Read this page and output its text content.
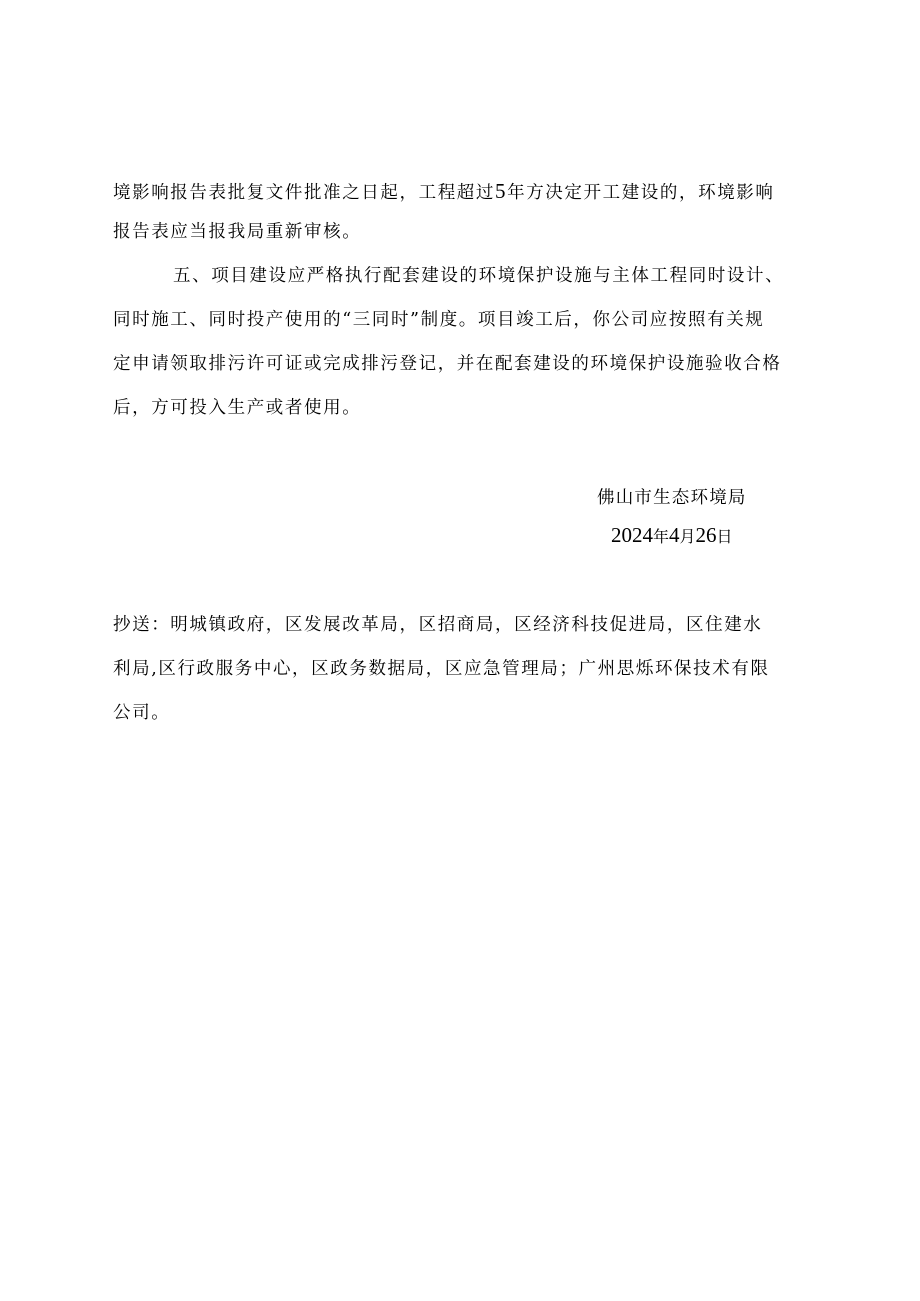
境影响报告表批复文件批准之日起，工程超过5年方决定开工建设的，环境影响
报告表应当报我局重新审核。
五、项目建设应严格执行配套建设的环境保护设施与主体工程同时设计、
同时施工、同时投产使用的“三同时”制度。项目竣工后，你公司应按照有关规
定申请领取排污许可证或完成排污登记，并在配套建设的环境保护设施验收合格
后，方可投入生产或者使用。
佛山市生态环境局
2024年4月26日
抄送：明城镇政府，区发展改革局，区招商局，区经济科技促进局，区住建水
利局,区行政服务中心，区政务数据局，区应急管理局；广州思烁环保技术有限
公司。
